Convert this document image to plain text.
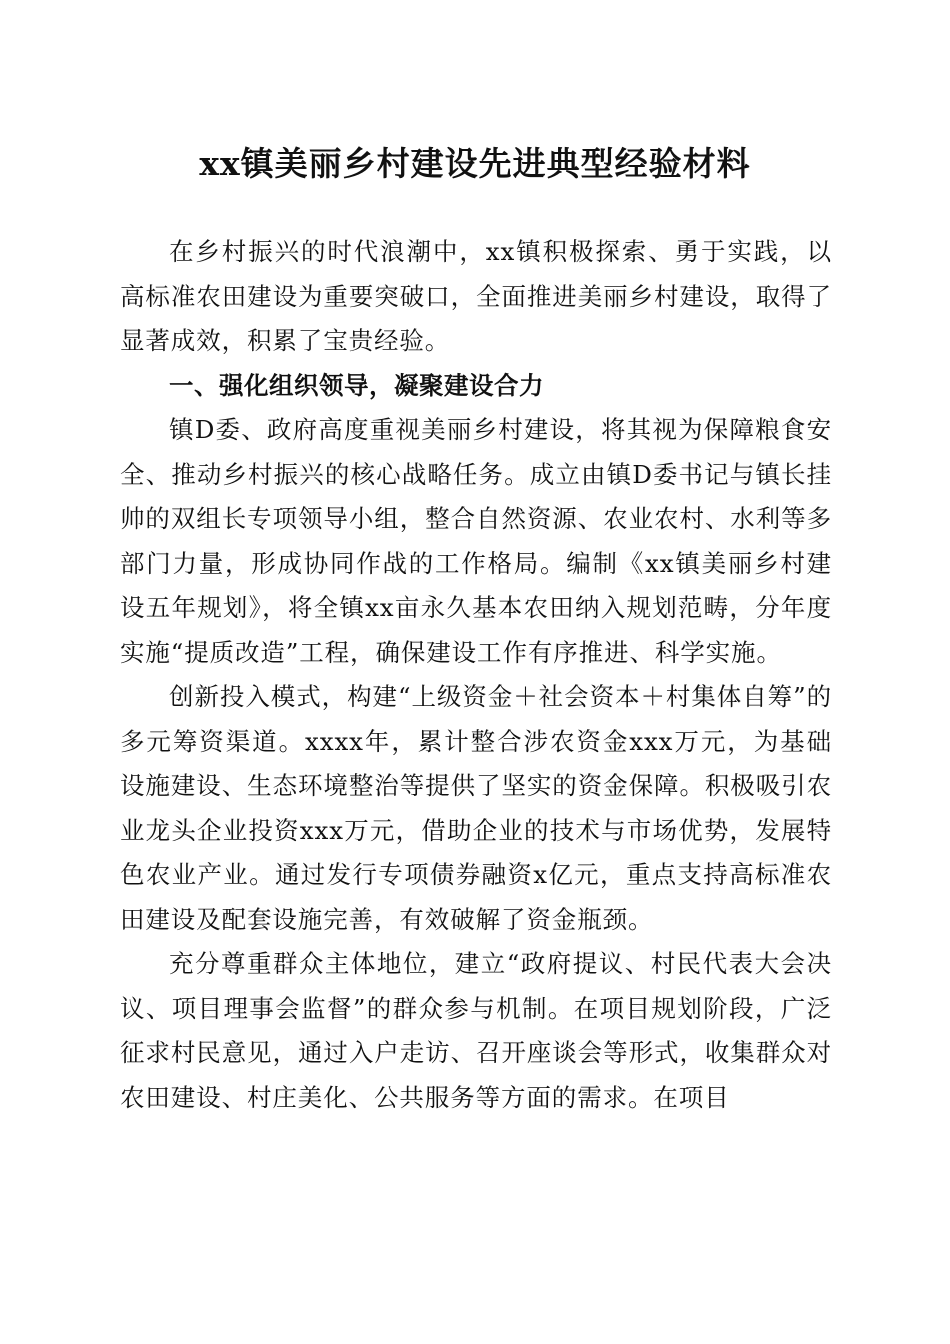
xx镇美丽乡村建设先进典型经验材料

在乡村振兴的时代浪潮中，xx镇积极探索、勇于实践，以高标准农田建设为重要突破口，全面推进美丽乡村建设，取得了显著成效，积累了宝贵经验。

一、强化组织领导，凝聚建设合力

镇D委、政府高度重视美丽乡村建设，将其视为保障粮食安全、推动乡村振兴的核心战略任务。成立由镇D委书记与镇长挂帅的双组长专项领导小组，整合自然资源、农业农村、水利等多部门力量，形成协同作战的工作格局。编制《xx镇美丽乡村建设五年规划》，将全镇xx亩永久基本农田纳入规划范畴，分年度实施“提质改造”工程，确保建设工作有序推进、科学实施。

创新投入模式，构建“上级资金＋社会资本＋村集体自筹”的多元筹资渠道。xxxx年，累计整合涉农资金xxx万元，为基础设施建设、生态环境整治等提供了坚实的资金保障。积极吸引农业龙头企业投资xxx万元，借助企业的技术与市场优势，发展特色农业产业。通过发行专项债券融资x亿元，重点支持高标准农田建设及配套设施完善，有效破解了资金瓶颈。

充分尊重群众主体地位，建立“政府提议、村民代表大会决议、项目理事会监督”的群众参与机制。在项目规划阶段，广泛征求村民意见，通过入户走访、召开座谈会等形式，收集群众对农田建设、村庄美化、公共服务等方面的需求。在项目
